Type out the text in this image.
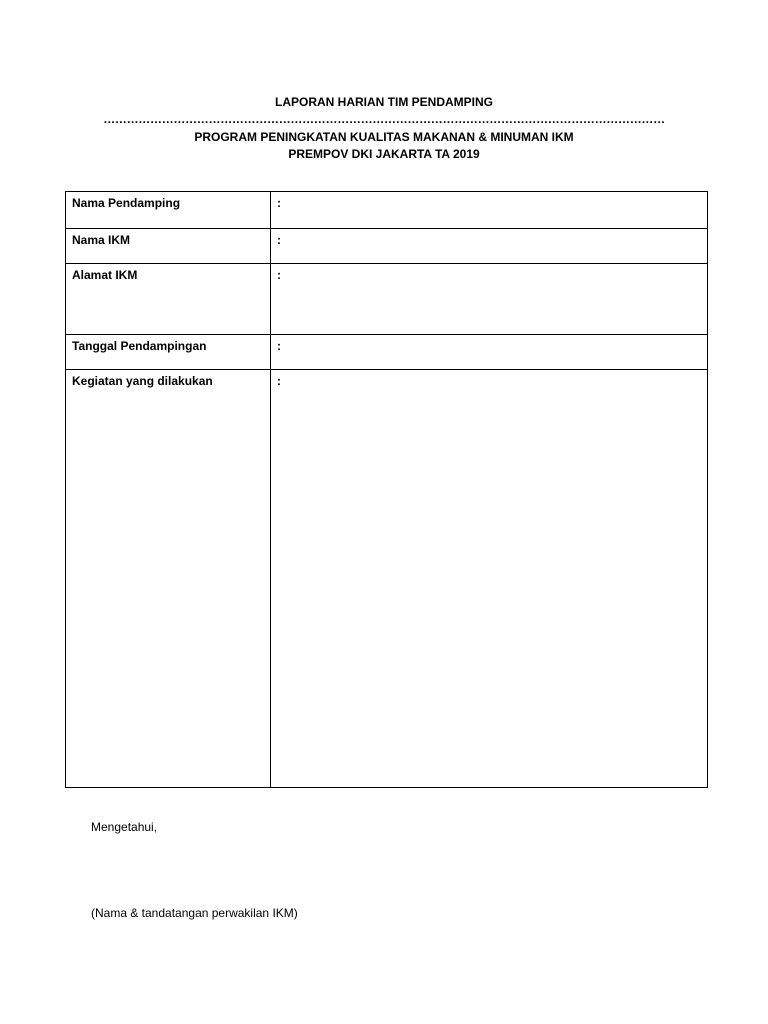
LAPORAN HARIAN TIM PENDAMPING
………………………………………………………………………………………………………………………………
PROGRAM PENINGKATAN KUALITAS MAKANAN & MINUMAN IKM
PREMPOV DKI JAKARTA TA 2019
Nama Pendamping	:
Nama IKM	:
Alamat IKM	:
Tanggal Pendampingan	:
Kegiatan yang dilakukan	:
Mengetahui,
(Nama & tandatangan perwakilan IKM)
